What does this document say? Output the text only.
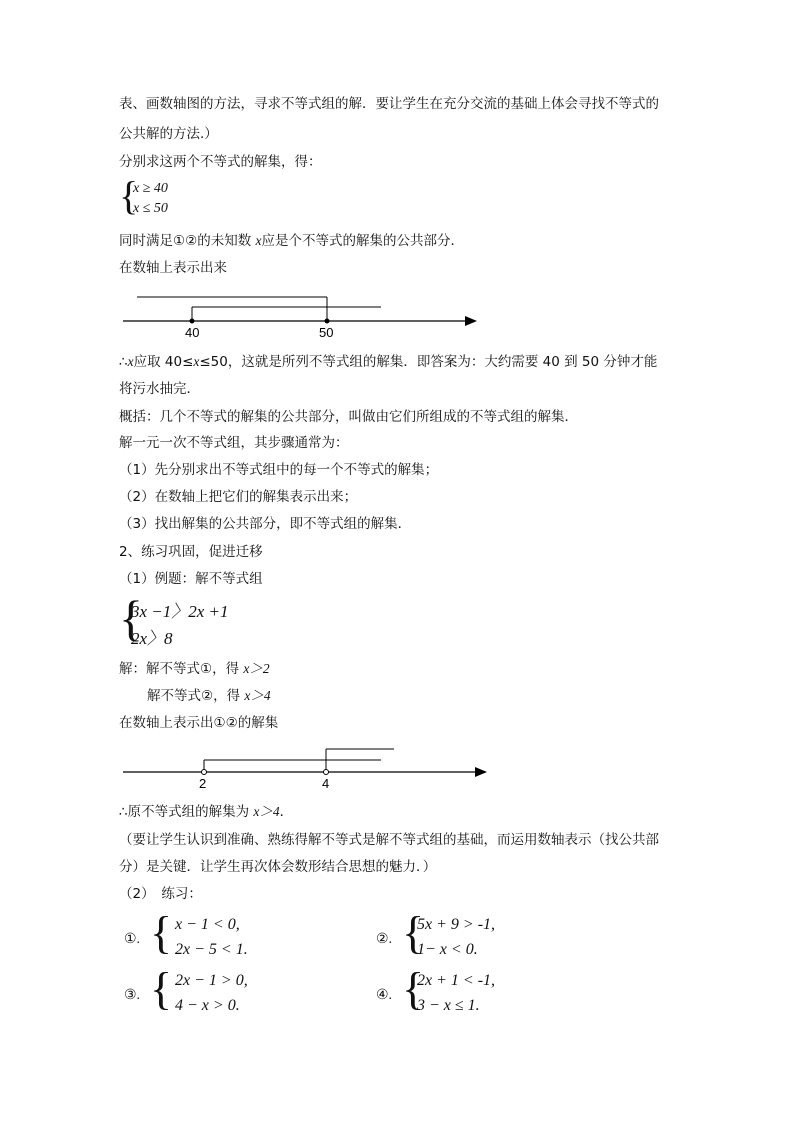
表、画数轴图的方法，寻求不等式组的解．要让学生在充分交流的基础上体会寻找不等式的
公共解的方法.）
分别求这两个不等式的解集，得：
{
x ≥ 40
x ≤ 50
同时满足①②的未知数 x应是个不等式的解集的公共部分．
在数轴上表示出来
40	50
∴x应取 40≤x≤50，这就是所列不等式组的解集．即答案为：大约需要 40 到 50 分钟才能
将污水抽完．
概括：几个不等式的解集的公共部分，叫做由它们所组成的不等式组的解集．
解一元一次不等式组，其步骤通常为：
（1）先分别求出不等式组中的每一个不等式的解集；
（2）在数轴上把它们的解集表示出来；
（3）找出解集的公共部分，即不等式组的解集．
2、练习巩固，促进迁移
（1）例题：解不等式组
{
3x −1〉2x +1
2x〉8
解：解不等式①，得 x＞2
解不等式②，得 x＞4
在数轴上表示出①②的解集
2	4
∴原不等式组的解集为 x＞4．
（要让学生认识到准确、熟练得解不等式是解不等式组的基础，而运用数轴表示（找公共部
分）是关键．让学生再次体会数形结合思想的魅力．）
（2）　练习：
①. { x − 1 < 0,
2x − 5 < 1.
②. {
5x + 9 > -1,
1− x < 0.
③. { 2x − 1 > 0,
4 − x > 0.
④. {
2x + 1 < -1,
3 − x ≤ 1.
